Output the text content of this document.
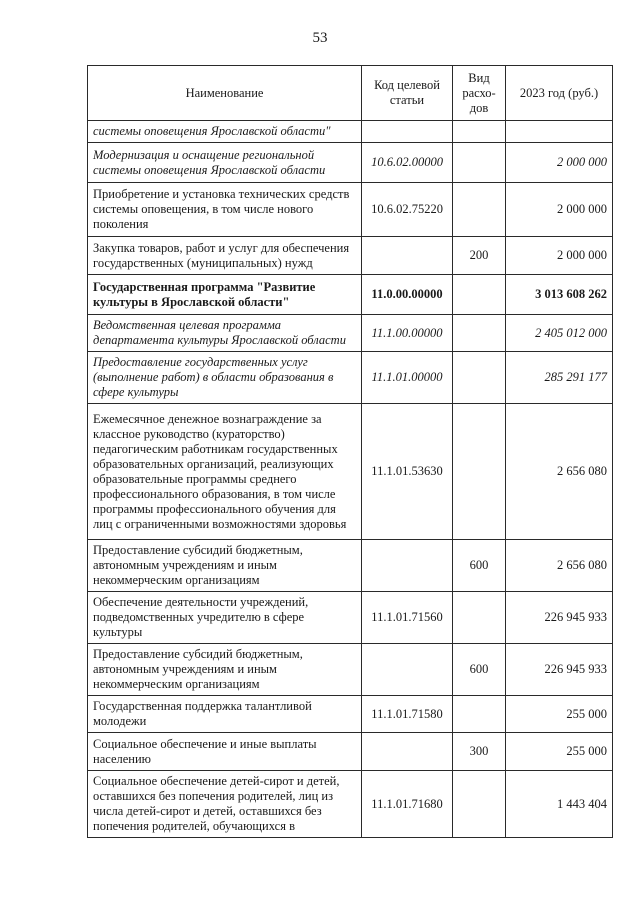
53
Наименование	Код целевой статьи	Вид расхо-дов	2023 год (руб.)
системы оповещения Ярославской области"			
Модернизация и оснащение региональной системы оповещения Ярославской области	10.6.02.00000		2 000 000
Приобретение и установка технических средств системы оповещения, в том числе нового поколения	10.6.02.75220		2 000 000
Закупка товаров, работ и услуг для обеспечения государственных (муниципальных) нужд		200	2 000 000
Государственная программа "Развитие культуры в Ярославской области"	11.0.00.00000		3 013 608 262
Ведомственная целевая программа департамента культуры Ярославской области	11.1.00.00000		2 405 012 000
Предоставление государственных услуг (выполнение работ) в области образования в сфере культуры	11.1.01.00000		285 291 177
Ежемесячное денежное вознаграждение за классное руководство (кураторство) педагогическим работникам государственных образовательных организаций, реализующих образовательные программы среднего профессионального образования, в том числе программы профессионального обучения для лиц с ограниченными возможностями здоровья	11.1.01.53630		2 656 080
Предоставление субсидий бюджетным, автономным учреждениям и иным некоммерческим организациям		600	2 656 080
Обеспечение деятельности учреждений, подведомственных учредителю в сфере культуры	11.1.01.71560		226 945 933
Предоставление субсидий бюджетным, автономным учреждениям и иным некоммерческим организациям		600	226 945 933
Государственная поддержка талантливой молодежи	11.1.01.71580		255 000
Социальное обеспечение и иные выплаты населению		300	255 000
Социальное обеспечение детей-сирот и детей, оставшихся без попечения родителей, лиц из числа детей-сирот и детей, оставшихся без попечения родителей, обучающихся в	11.1.01.71680		1 443 404
